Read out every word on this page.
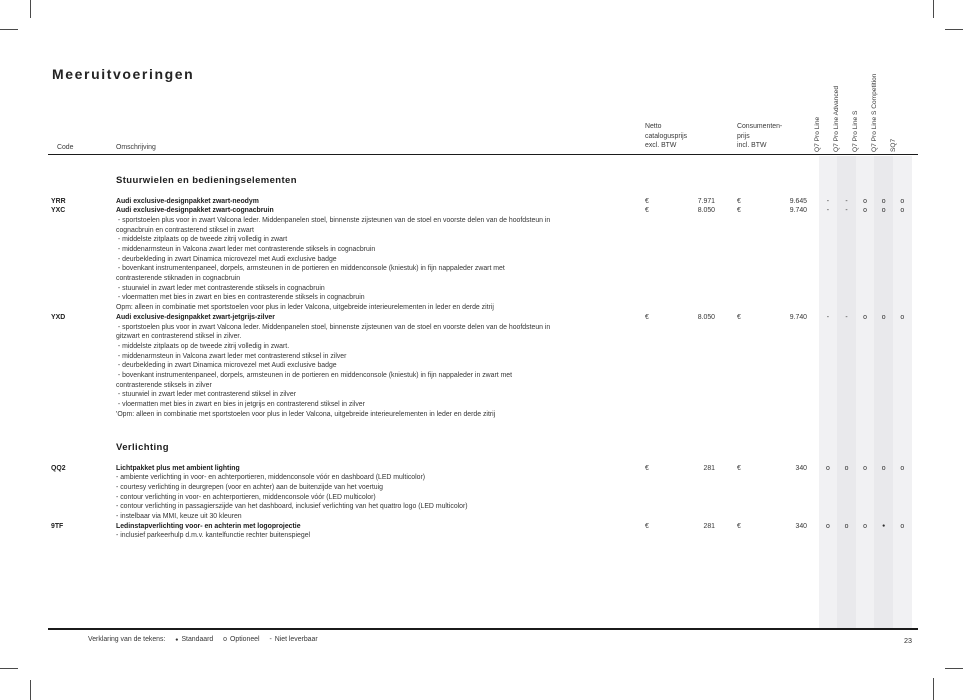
Meeruitvoeringen
Code	Omschrijving
Netto
catalogusprijs
excl. BTW
Consumenten-
prijs
incl. BTW	Q7 Pro Line	Q7 Pro Line Advanced	Q7 Pro Line S	Q7 Pro Line S Competition	SQ7
Stuurwielen en bedieningselementen
YRR	Audi exclusive-designpakket zwart-neodym	€	7.971	€	9.645	-	-	o	o	o
YXC	Audi exclusive-designpakket zwart-cognacbruin	€	8.050	€	9.740	-	-	o	o	o
- sportstoelen plus voor in zwart Valcona leder. Middenpanelen stoel, binnenste zijsteunen van de stoel en voorste delen van de hoofdsteun in
cognacbruin en contrasterend stiksel in zwart
- middelste zitplaats op de tweede zitrij volledig in zwart
- middenarmsteun in Valcona zwart leder met contrasterende stiksels in cognacbruin
- deurbekleding in zwart Dinamica microvezel met Audi exclusive badge
- bovenkant instrumentenpaneel, dorpels, armsteunen in de portieren en middenconsole (kniestuk) in fijn nappaleder zwart met
contrasterende stiknaden in cognacbruin
- stuurwiel in zwart leder met contrasterende stiksels in cognacbruin
- vloermatten met bies in zwart en bies en contrasterende stiksels in cognacbruin
Opm: alleen in combinatie met sportstoelen voor plus in leder Valcona, uitgebreide interieurelementen in leder en derde zitrij
YXD	Audi exclusive-designpakket zwart-jetgrijs-zilver	€	8.050	€	9.740	-	-	o	o	o
- sportstoelen plus voor in zwart Valcona leder. Middenpanelen stoel, binnenste zijsteunen van de stoel en voorste delen van de hoofdsteun in
gitzwart en contrasterend stiksel in zilver.
- middelste zitplaats op de tweede zitrij volledig in zwart.
- middenarmsteun in Valcona zwart leder met contrasterend stiksel in zilver
- deurbekleding in zwart Dinamica microvezel met Audi exclusive badge
- bovenkant instrumentenpaneel, dorpels, armsteunen in de portieren en middenconsole (kniestuk) in fijn nappaleder in zwart met
contrasterende stiksels in zilver
- stuurwiel in zwart leder met contrasterend stiksel in zilver
- vloermatten met bies in zwart en bies in jetgrijs en contrasterend stiksel in zilver
'Opm: alleen in combinatie met sportstoelen voor plus in leder Valcona, uitgebreide interieurelementen in leder en derde zitrij
Verlichting
QQ2	Lichtpakket plus met ambient lighting	€	281	€	340	o	o	o	o	o
- ambiente verlichting in voor- en achterportieren, middenconsole vóór en dashboard (LED multicolor)
- courtesy verlichting in deurgrepen (voor en achter) aan de buitenzijde van het voertuig
- contour verlichting in voor- en achterportieren, middenconsole vóór (LED multicolor)
- contour verlichting in passagierszijde van het dashboard, inclusief verlichting van het quattro logo (LED multicolor)
- instelbaar via MMI, keuze uit 30 kleuren
9TF	Ledinstapverlichting voor- en achterin met logoprojectie	€	281	€	340	o	o	o	●	o
- inclusief parkeerhulp d.m.v. kantelfunctie rechter buitenspiegel
Verklaring van de tekens: ● Standaard o Optioneel - Niet leverbaar	23
